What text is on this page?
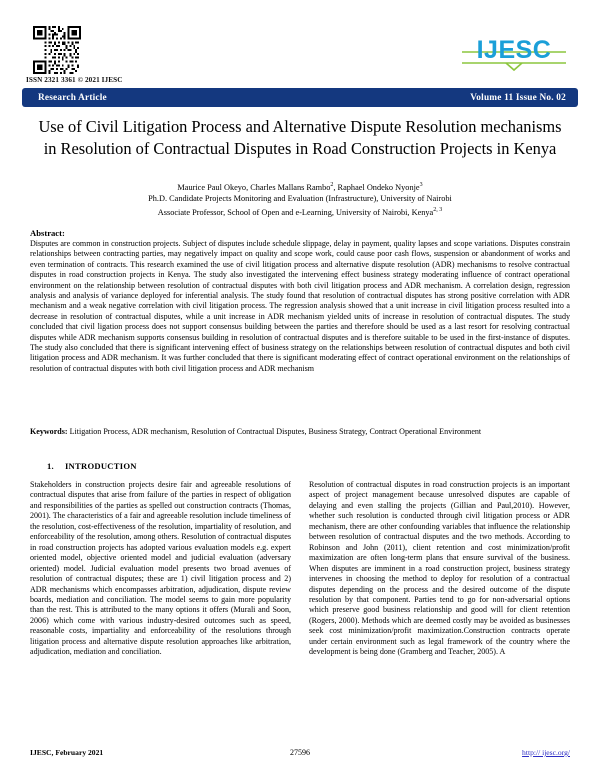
ISSN 2321 3361 © 2021 IJESC
IJESC
Research Article	Volume 11 Issue No. 02
Use of Civil Litigation Process and Alternative Dispute Resolution mechanisms in Resolution of Contractual Disputes in Road Construction Projects in Kenya
Maurice Paul Okeyo, Charles Mallans Rambo$^2$, Raphael Ondeko Nyonje$^3$
Ph.D. Candidate Projects Monitoring and Evaluation (Infrastructure), University of Nairobi
Associate Professor, School of Open and e-Learning, University of Nairobi, Kenya$^{2, 3}$

Abstract:

Disputes are common in construction projects. Subject of disputes include schedule slippage, delay in payment, quality lapses and scope variations. Disputes constrain relationships between contracting parties, may negatively impact on quality and scope work, could cause poor cash flows, suspension or abandonment of works and even termination of contracts. This research examined the use of civil litigation process and alternative dispute resolution (ADR) mechanisms to resolve contractual disputes in road construction projects in Kenya. The study also investigated the intervening effect business strategy moderating influence of contract operational environment on the relationship between resolution of contractual disputes with both civil litigation process and ADR mechanism. A correlation design, regression analysis and analysis of variance deployed for inferential analysis. The study found that resolution of contractual disputes has strong positive correlation with ADR mechanism and a weak negative correlation with civil litigation process. The regression analysis showed that a unit increase in civil litigation process resulted into a decrease in resolution of contractual disputes, while a unit increase in ADR mechanism yielded units of increase in resolution of contractual disputes. The study concluded that civil ligation process does not support consensus building between the parties and therefore should be used as a last resort for resolving contractual disputes while ADR mechanism supports consensus building in resolution of contractual disputes and is therefore suitable to be used in the first-instance of disputes. The study also concluded that there is significant intervening effect of business strategy on the relationships between resolution of contractual disputes and both civil litigation process and ADR mechanism. It was further concluded that there is significant moderating effect of contract operational environment on the relationships of resolution of contractual disputes with both civil litigation process and ADR mechanism

Keywords: Litigation Process, ADR mechanism, Resolution of Contractual Disputes, Business Strategy, Contract Operational Environment

1. INTRODUCTION

Stakeholders in construction projects desire fair and agreeable resolutions of contractual disputes that arise from failure of the parties in respect of obligation and responsibilities of the parties as spelled out construction contracts (Thomas, 2001). The characteristics of a fair and agreeable resolution include timeliness of the resolution, cost-effectiveness of the resolution, impartiality of resolution, and enforceability of the resolution, among others. Resolution of contractual disputes in road construction projects has adopted various evaluation models e.g. expert oriented model, objective oriented model and judicial evaluation (adversary oriented) model. Judicial evaluation model presents two broad avenues of resolution of contractual disputes; these are 1) civil litigation process and 2) ADR mechanisms which encompasses arbitration, adjudication, dispute review boards, mediation and conciliation. The model seems to gain more popularity than the rest. This is attributed to the many options it offers (Murali and Soon, 2006) which come with various industry-desired outcomes such as speed, reasonable costs, impartiality and enforceability of the resolutions through litigation process and alternative dispute resolution approaches like arbitration, adjudication, mediation and conciliation.

Resolution of contractual disputes in road construction projects is an important aspect of project management because unresolved disputes are capable of delaying and even stalling the projects (Gillian and Paul,2010). However, whether such resolution is conducted through civil litigation process or ADR mechanism, there are other confounding variables that influence the relationship between resolution of contractual disputes and the two methods. According to Robinson and John (2011), client retention and cost minimization/profit maximization are often long-term plans that ensure survival of the business. When disputes are imminent in a road construction project, business strategy intervenes in choosing the method to deploy for resolution of a contractual disputes depending on the process and the desired outcome of the dispute resolution by that component. Parties tend to go for non-adversarial options which preserve good business relationship and good will for client retention (Rogers, 2000). Methods which are deemed costly may be avoided as businesses seek cost minimization/profit maximization.Construction contracts operate under certain environment such as legal framework of the country where the development is being done (Gramberg and Teacher, 2005). A

IJESC, February 2021	27596	http:// ijesc.org/
